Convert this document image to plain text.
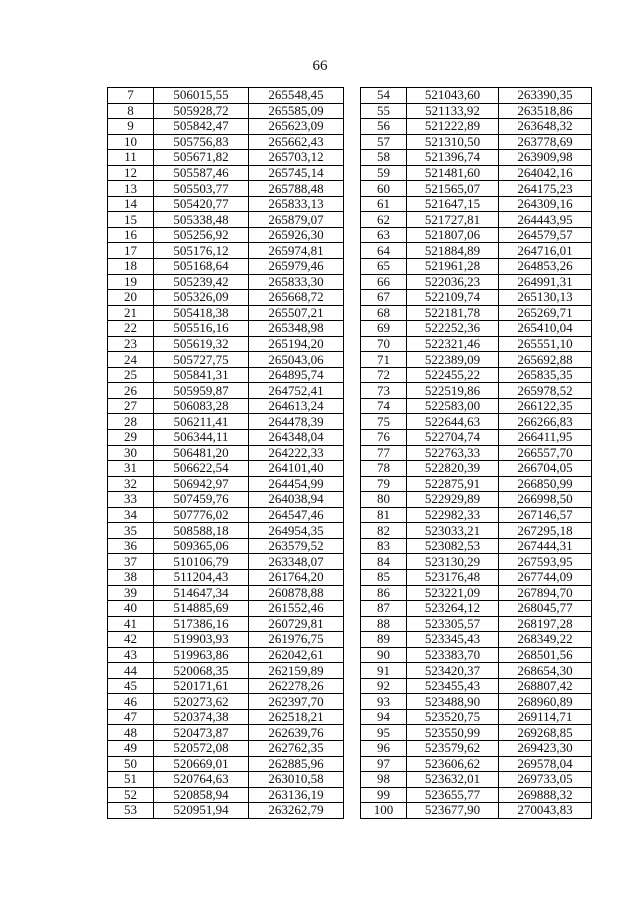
66
7	506015,55	265548,45
8	505928,72	265585,09
9	505842,47	265623,09
10	505756,83	265662,43
11	505671,82	265703,12
12	505587,46	265745,14
13	505503,77	265788,48
14	505420,77	265833,13
15	505338,48	265879,07
16	505256,92	265926,30
17	505176,12	265974,81
18	505168,64	265979,46
19	505239,42	265833,30
20	505326,09	265668,72
21	505418,38	265507,21
22	505516,16	265348,98
23	505619,32	265194,20
24	505727,75	265043,06
25	505841,31	264895,74
26	505959,87	264752,41
27	506083,28	264613,24
28	506211,41	264478,39
29	506344,11	264348,04
30	506481,20	264222,33
31	506622,54	264101,40
32	506942,97	264454,99
33	507459,76	264038,94
34	507776,02	264547,46
35	508588,18	264954,35
36	509365,06	263579,52
37	510106,79	263348,07
38	511204,43	261764,20
39	514647,34	260878,88
40	514885,69	261552,46
41	517386,16	260729,81
42	519903,93	261976,75
43	519963,86	262042,61
44	520068,35	262159,89
45	520171,61	262278,26
46	520273,62	262397,70
47	520374,38	262518,21
48	520473,87	262639,76
49	520572,08	262762,35
50	520669,01	262885,96
51	520764,63	263010,58
52	520858,94	263136,19
53	520951,94	263262,79
54	521043,60	263390,35
55	521133,92	263518,86
56	521222,89	263648,32
57	521310,50	263778,69
58	521396,74	263909,98
59	521481,60	264042,16
60	521565,07	264175,23
61	521647,15	264309,16
62	521727,81	264443,95
63	521807,06	264579,57
64	521884,89	264716,01
65	521961,28	264853,26
66	522036,23	264991,31
67	522109,74	265130,13
68	522181,78	265269,71
69	522252,36	265410,04
70	522321,46	265551,10
71	522389,09	265692,88
72	522455,22	265835,35
73	522519,86	265978,52
74	522583,00	266122,35
75	522644,63	266266,83
76	522704,74	266411,95
77	522763,33	266557,70
78	522820,39	266704,05
79	522875,91	266850,99
80	522929,89	266998,50
81	522982,33	267146,57
82	523033,21	267295,18
83	523082,53	267444,31
84	523130,29	267593,95
85	523176,48	267744,09
86	523221,09	267894,70
87	523264,12	268045,77
88	523305,57	268197,28
89	523345,43	268349,22
90	523383,70	268501,56
91	523420,37	268654,30
92	523455,43	268807,42
93	523488,90	268960,89
94	523520,75	269114,71
95	523550,99	269268,85
96	523579,62	269423,30
97	523606,62	269578,04
98	523632,01	269733,05
99	523655,77	269888,32
100	523677,90	270043,83
